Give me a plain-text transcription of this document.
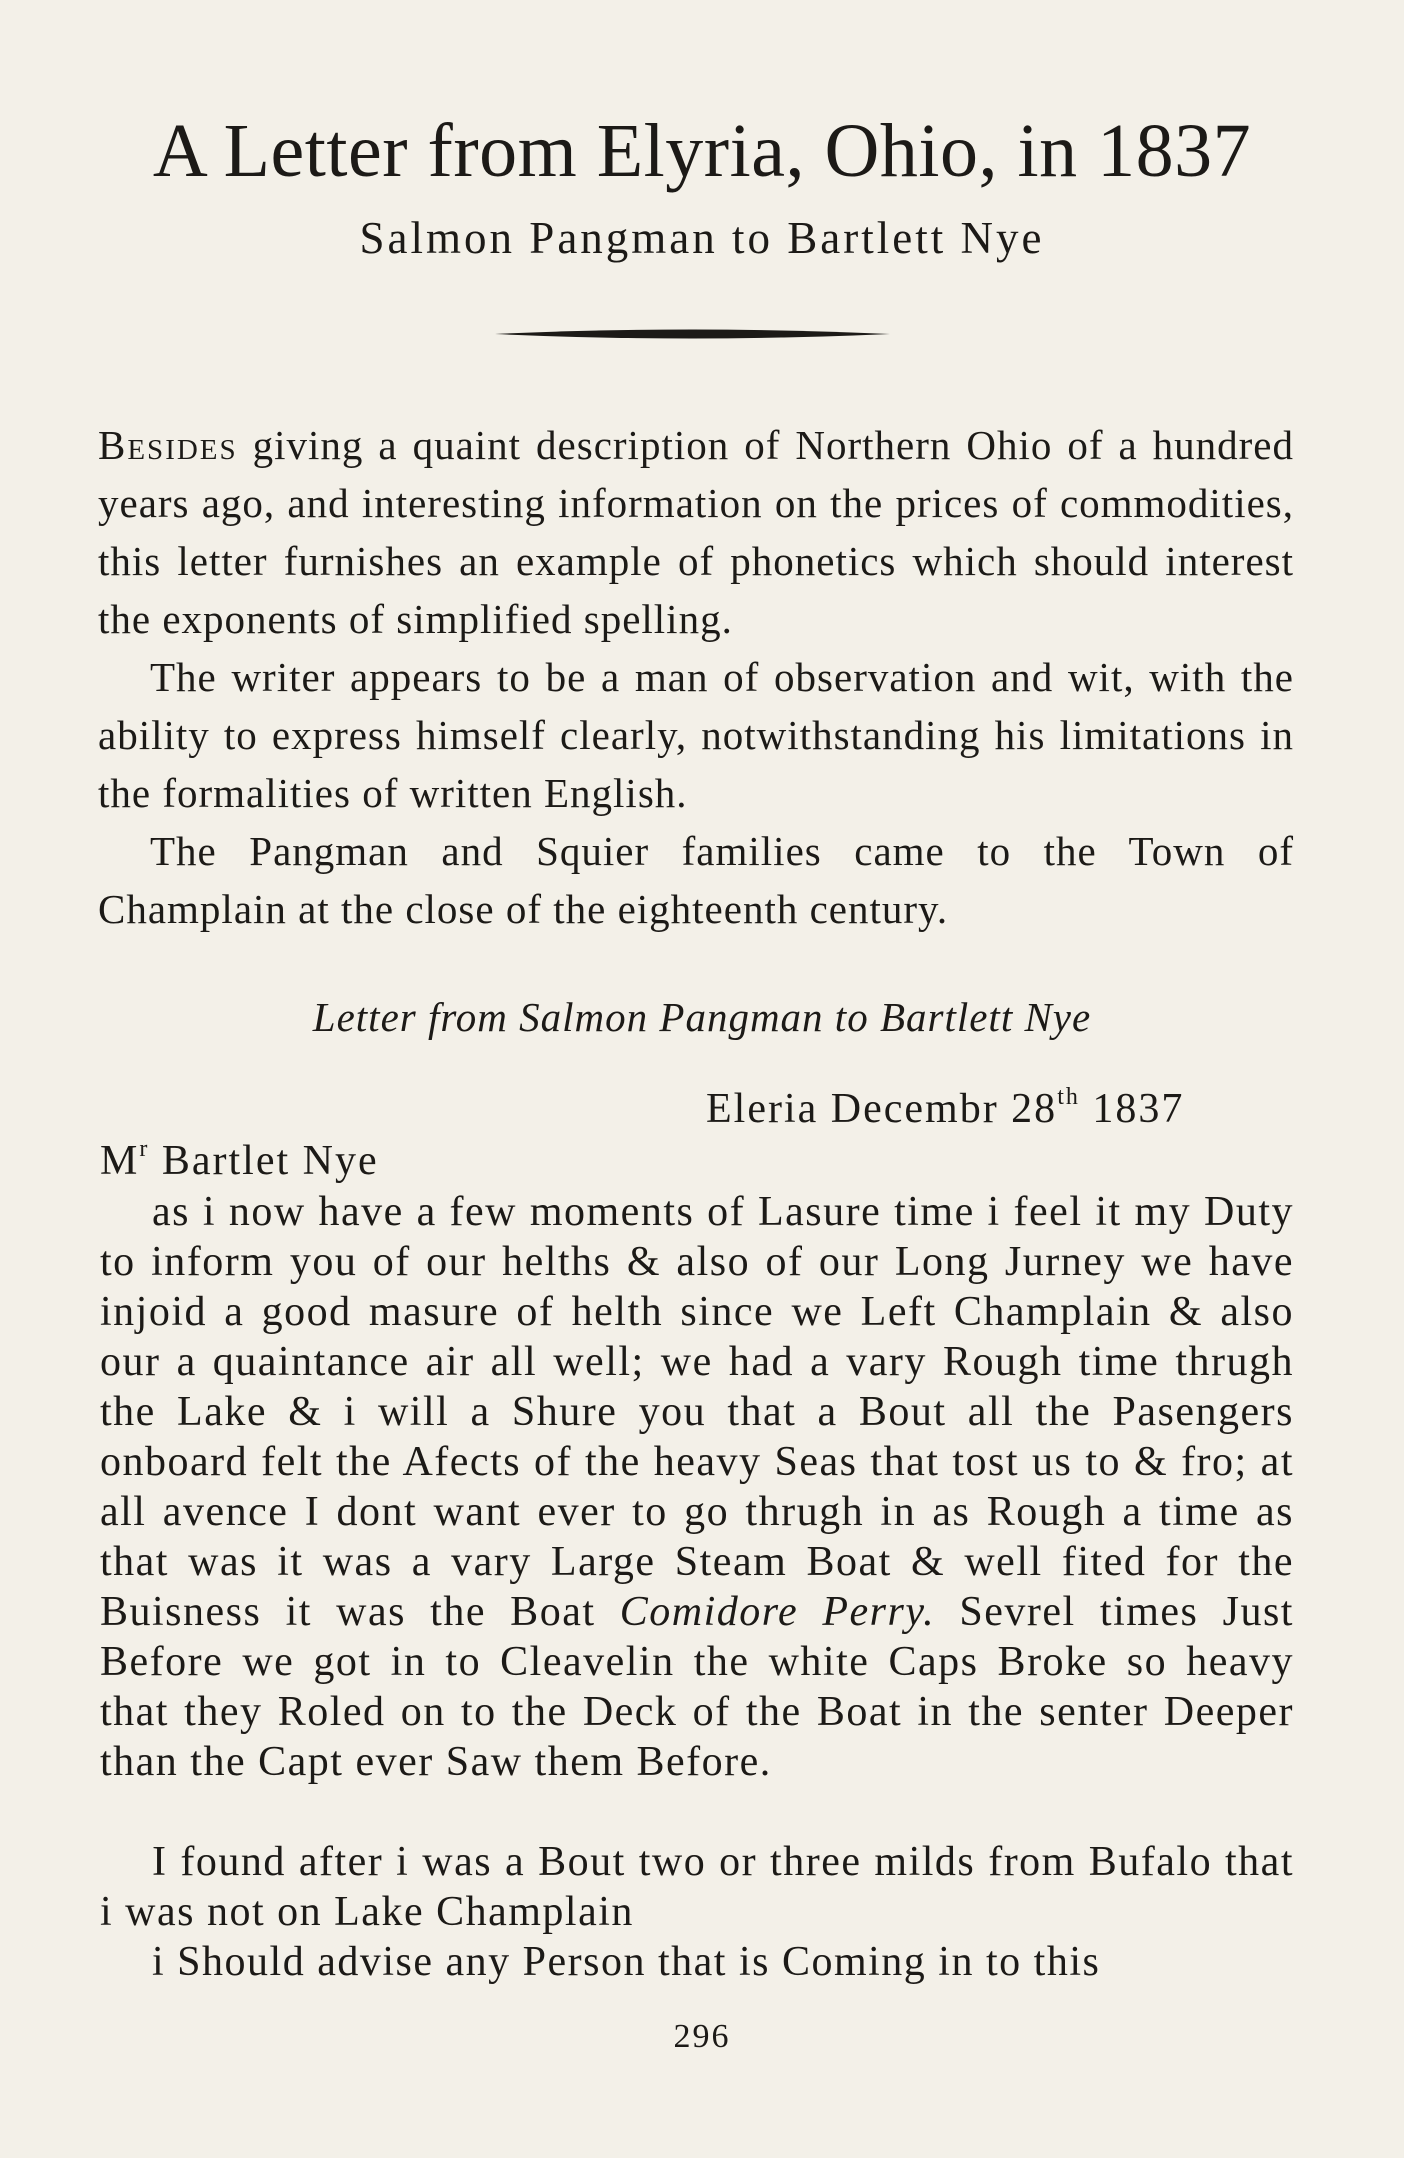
A Letter from Elyria, Ohio, in 1837
Salmon Pangman to Bartlett Nye

Besides giving a quaint description of Northern Ohio of a hundred years ago, and interesting information on the prices of commodities, this letter furnishes an example of phonetics which should interest the exponents of simplified spelling.

The writer appears to be a man of observation and wit, with the ability to express himself clearly, notwithstanding his limitations in the formalities of written English.

The Pangman and Squier families came to the Town of Champlain at the close of the eighteenth century.

Letter from Salmon Pangman to Bartlett Nye
Eleria Decembr 28th 1837
$M^r$ Bartlet Nye

as i now have a few moments of Lasure time i feel it my Duty to inform you of our helths & also of our Long Jurney we have injoid a good masure of helth since we Left Champlain & also our a quaintance air all well; we had a vary Rough time thrugh the Lake & i will a Shure you that a Bout all the Pasengers onboard felt the Afects of the heavy Seas that tost us to & fro; at all avence I dont want ever to go thrugh in as Rough a time as that was it was a vary Large Steam Boat & well fited for the Buisness it was the Boat Comidore Perry. Sevrel times Just Before we got in to Cleavelin the white Caps Broke so heavy that they Roled on to the Deck of the Boat in the senter Deeper than the Capt ever Saw them Before.

I found after i was a Bout two or three milds from Bufalo that i was not on Lake Champlain

i Should advise any Person that is Coming in to this

296
